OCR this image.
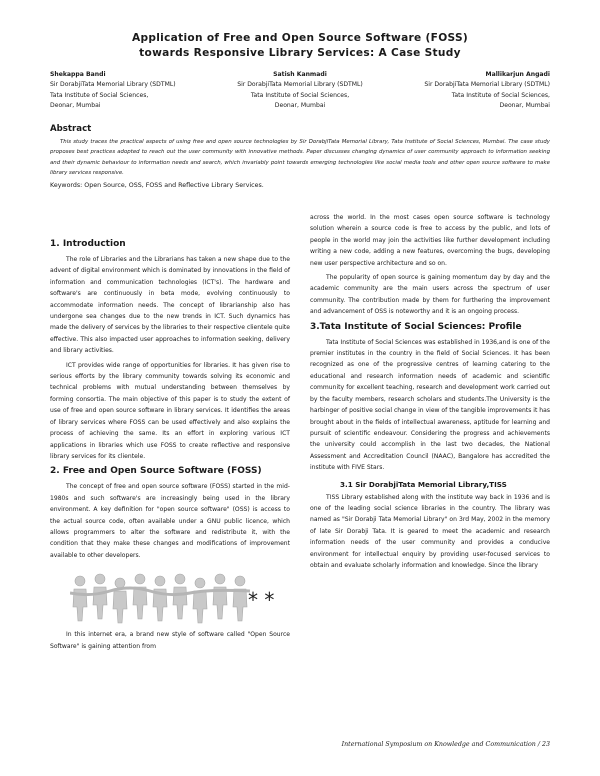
Application of Free and Open Source Software (FOSS)
towards Responsive Library Services: A Case Study
Shekappa Bandi
Sir DorabjiTata Memorial Library (SDTML)
Tata Institute of Social Sciences,
Deonar, Mumbai
Satish Kanmadi
Sir DorabjiTata Memorial Library (SDTML)
Tata Institute of Social Sciences,
Deonar, Mumbai
Mallikarjun Angadi
Sir DorabjiTata Memorial Library (SDTML)
Tata Institute of Social Sciences,
Deonar, Mumbai
Abstract

This study traces the practical aspects of using free and open source technologies by Sir DorabjiTata Memorial Library, Tata Institute of Social Sciences, Mumbai. The case study proposes best practices adopted to reach out the user community with innovative methods. Paper discusses changing dynamics of user community approach to information seeking and their dynamic behaviour to information needs and search, which invariably point towards emerging technologies like social media tools and other open source software to make library services responsive.

Keywords: Open Source, OSS, FOSS and Reflective Library Services.
1. Introduction

The role of Libraries and the Librarians has taken a new shape due to the advent of digital environment which is dominated by innovations in the field of information and communication technologies (ICT's). The hardware and software's are continuously in beta mode, evolving continuously to accommodate information needs. The concept of librarianship also has undergone sea changes due to the new trends in ICT. Such dynamics has made the delivery of services by the libraries to their respective clientele quite effective. This also impacted user approaches to information seeking, delivery and library activities.

ICT provides wide range of opportunities for libraries. It has given rise to serious efforts by the library community towards solving its economic and technical problems with mutual understanding between themselves by forming consortia. The main objective of this paper is to study the extent of use of free and open source software in library services. It identifies the areas of library services where FOSS can be used effectively and also explains the process of achieving the same. Its an effort in exploring various ICT applications in libraries which use FOSS to create reflective and responsive library services for its clientele.

2. Free and Open Source Software (FOSS)

The concept of free and open source software (FOSS) started in the mid-1980s and such software's are increasingly being used in the library environment. A key definition for "open source software" (OSS) is access to the actual source code, often available under a GNU public licence, which allows programmers to alter the software and redistribute it, with the condition that they make these changes and modifications of improvement available to other developers.

* *

In this internet era, a brand new style of software called "Open Source Software" is gaining attention from

across the world. In the most cases open source software is technology solution wherein a source code is free to access by the public, and lots of people in the world may join the activities like further development including writing a new code, adding a new features, overcoming the bugs, developing new user perspective architecture and so on.

The popularity of open source is gaining momentum day by day and the academic community are the main users across the spectrum of user community. The contribution made by them for furthering the improvement and advancement of OSS is noteworthy and it is an ongoing process.

3.Tata Institute of Social Sciences: Profile

Tata Institute of Social Sciences was established in 1936,and is one of the premier institutes in the country in the field of Social Sciences. It has been recognized as one of the progressive centres of learning catering to the educational and research information needs of academic and scientific community for excellent teaching, research and development work carried out by the faculty members, research scholars and students.The University is the harbinger of positive social change in view of the tangible improvements it has brought about in the fields of intellectual awareness, aptitude for learning and pursuit of scientific endeavour. Considering the progress and achievements the university could accomplish in the last two decades, the National Assessment and Accreditation Council (NAAC), Bangalore has accredited the institute with FIVE Stars.

3.1 Sir DorabjiTata Memorial Library,TISS

TISS Library established along with the institute way back in 1936 and is one of the leading social science libraries in the country. The library was named as "Sir Dorabji Tata Memorial Library" on 3rd May, 2002 in the memory of late Sir Dorabji Tata. It is geared to meet the academic and research information needs of the user community and provides a conducive environment for intellectual enquiry by providing user-focused services to obtain and evaluate scholarly information and knowledge. Since the library

International Symposium on Knowledge and Communication / 23
